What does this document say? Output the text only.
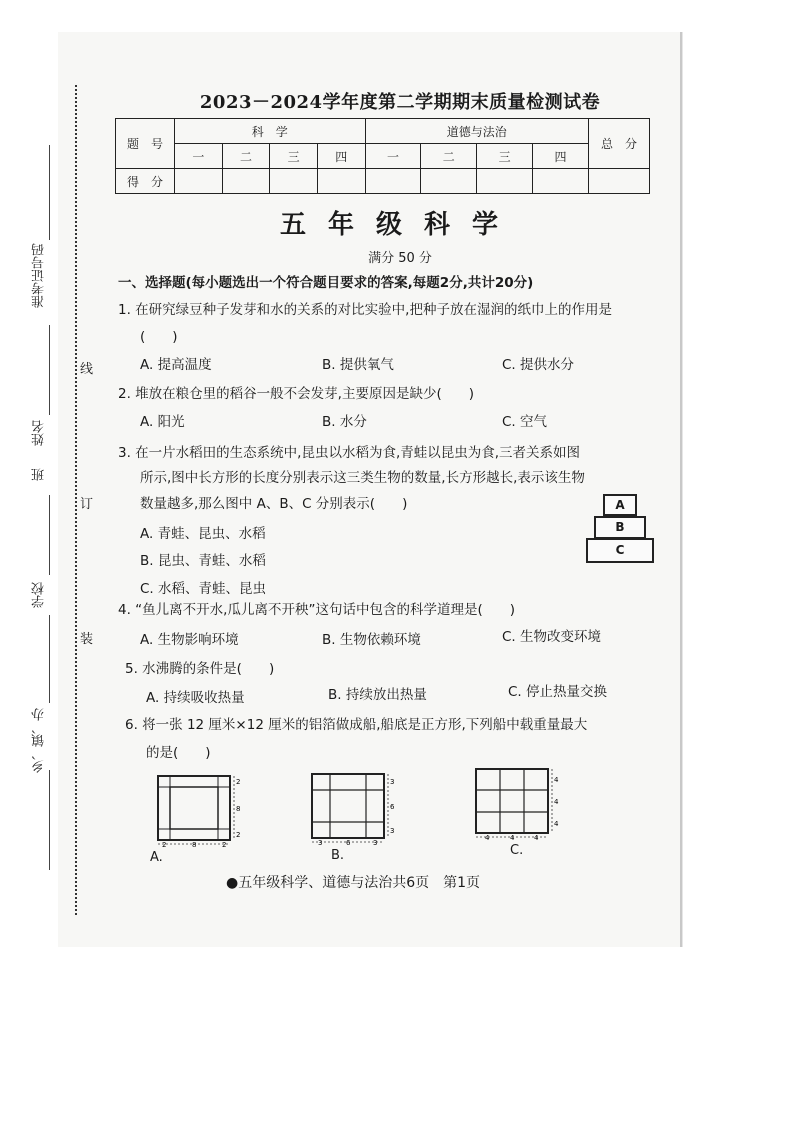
准考证号码
班
姓名
学校
乡、镇、办
线
订
装
2023－2024学年度第二学期期末质量检测试卷
题　号	科　学				道德与法治				总　分
	一	二	三	四	一	二	三	四	
得　分									
五年级科学
满分 50 分
一、选择题(每小题选出一个符合题目要求的答案,每题2分,共计20分)
1. 在研究绿豆种子发芽和水的关系的对比实验中,把种子放在湿润的纸巾上的作用是
(　　)
A. 提高温度	B. 提供氧气	C. 提供水分
2. 堆放在粮仓里的稻谷一般不会发芽,主要原因是缺少(　　)
A. 阳光	B. 水分	C. 空气
3. 在一片水稻田的生态系统中,昆虫以水稻为食,青蛙以昆虫为食,三者关系如图
所示,图中长方形的长度分别表示这三类生物的数量,长方形越长,表示该生物
数量越多,那么图中 A、B、C 分别表示(　　)
A. 青蛙、昆虫、水稻
B. 昆虫、青蛙、水稻
C. 水稻、青蛙、昆虫
A
B
C
4. “鱼儿离不开水,瓜儿离不开秧”这句话中包含的科学道理是(　　)
A. 生物影响环境	B. 生物依赖环境	C. 生物改变环境
5. 水沸腾的条件是(　　)
A. 持续吸收热量	B. 持续放出热量	C. 停止热量交换
6. 将一张 12 厘米×12 厘米的铝箔做成船,船底是正方形,下列船中载重量最大
的是(　　)
2	8	2
2
8
2
A.
3	6	3
3
6
3
B.
4	4	4
4
4
4
C.
●五年级科学、道德与法治共6页　第1页
